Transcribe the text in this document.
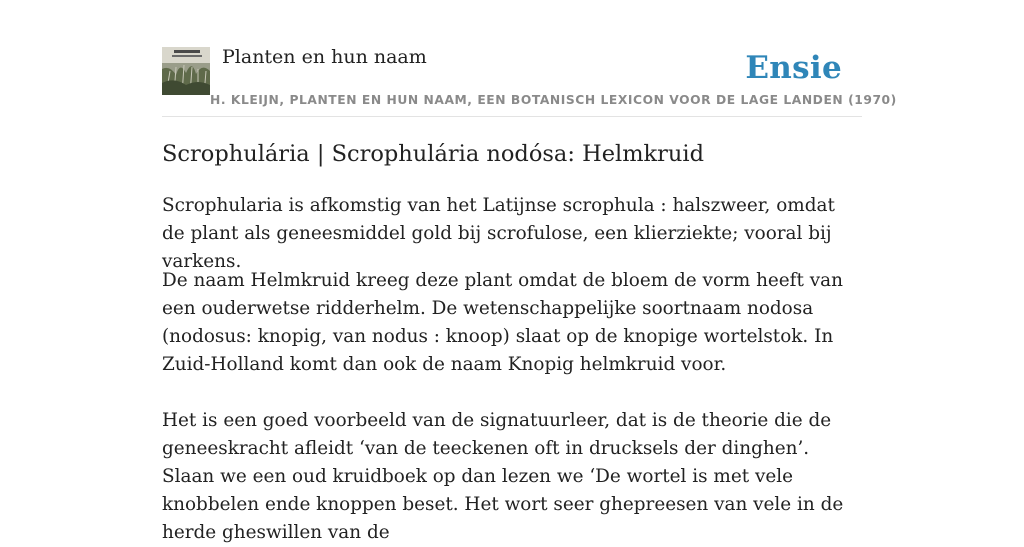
Planten en hun naam	Ensie
H. KLEIJN, PLANTEN EN HUN NAAM, EEN BOTANISCH LEXICON VOOR DE LAGE LANDEN (1970)
Scrophulária | Scrophulária nodósa: Helmkruid

Scrophularia is afkomstig van het Latijnse scrophula : halszweer, omdat de plant als geneesmiddel gold bij scrofulose, een klierziekte; vooral bij varkens.

De naam Helmkruid kreeg deze plant omdat de bloem de vorm heeft van een ouderwetse ridderhelm. De wetenschappelijke soortnaam nodosa (nodosus: knopig, van nodus : knoop) slaat op de knopige wortelstok. In Zuid-Holland komt dan ook de naam Knopig helmkruid voor.

Het is een goed voorbeeld van de signatuurleer, dat is de theorie die de geneeskracht afleidt ‘van de teeckenen oft in drucksels der dinghen’. Slaan we een oud kruidboek op dan lezen we ‘De wortel is met vele knobbelen ende knoppen beset. Het wort seer ghepreesen van vele in de herde gheswillen van de
